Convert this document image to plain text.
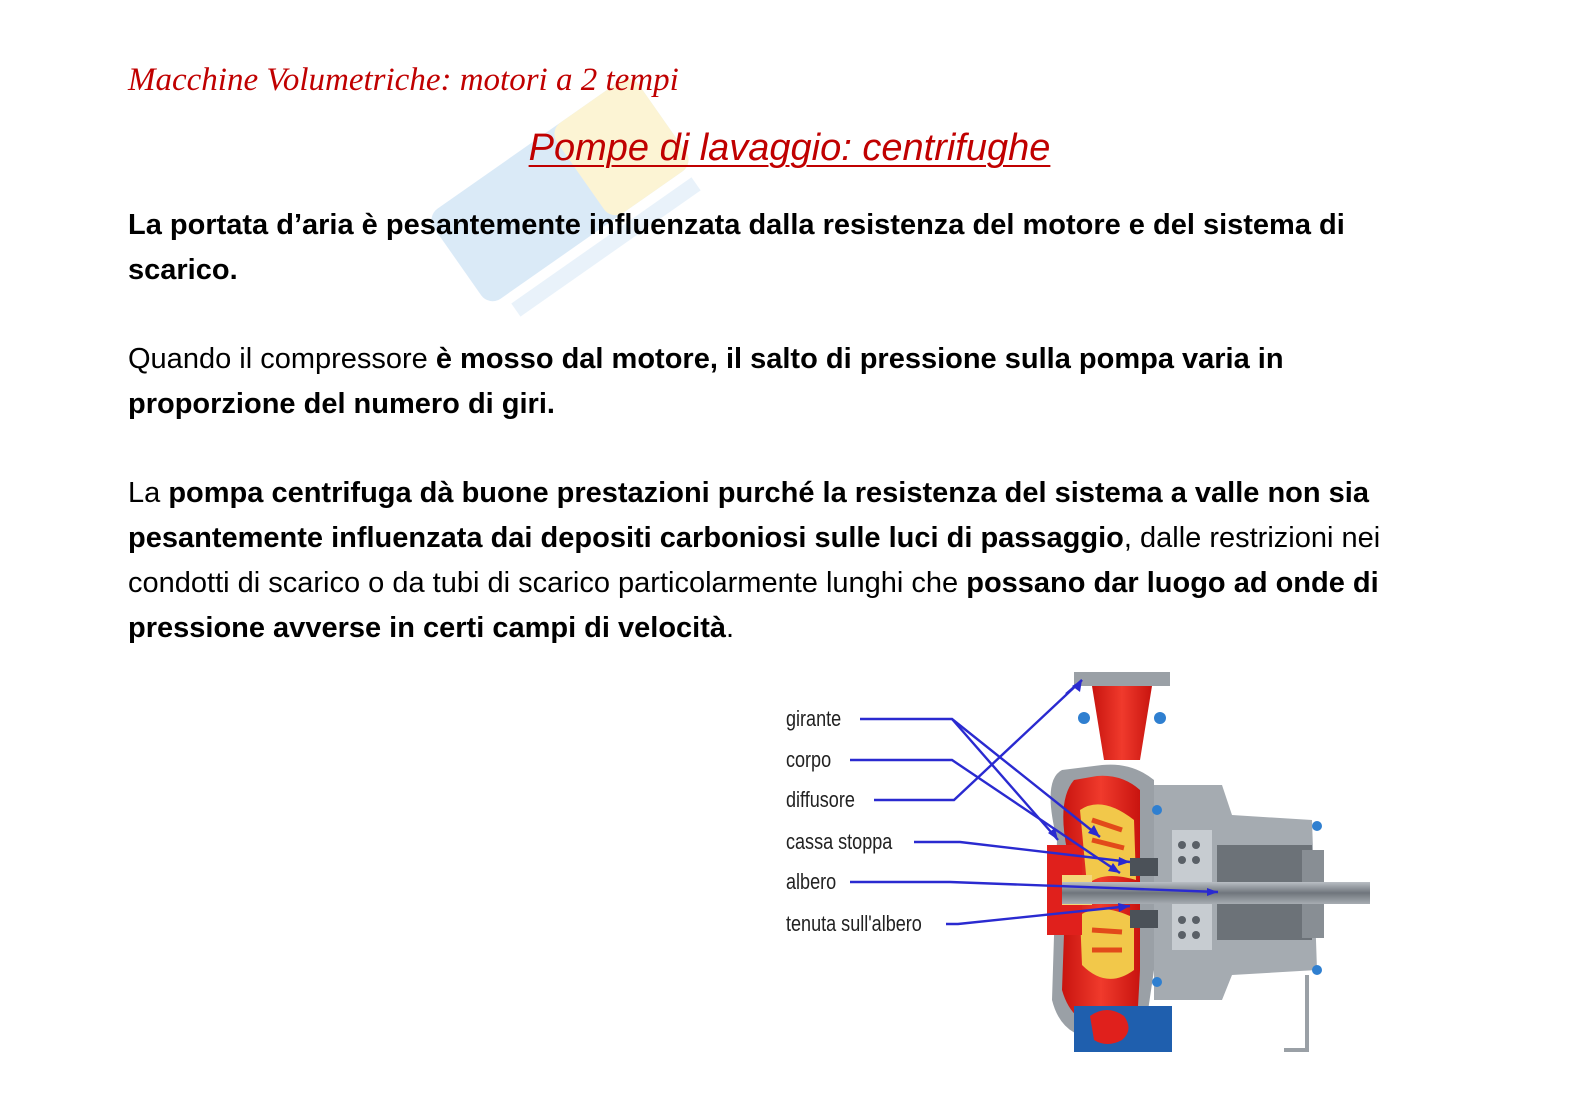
Macchine Volumetriche: motori a 2 tempi
Pompe di lavaggio: centrifughe

La portata d’aria è pesantemente influenzata dalla resistenza del motore e del sistema di scarico.

Quando il compressore è mosso dal motore, il salto di pressione sulla pompa varia in proporzione del numero di giri.

La pompa centrifuga dà buone prestazioni purché la resistenza del sistema a valle non sia pesantemente influenzata dai depositi carboniosi sulle luci di passaggio, dalle restrizioni nei condotti di scarico o da tubi di scarico particolarmente lunghi che possano dar luogo ad onde di pressione avverse in certi campi di velocità.

girante
corpo
diffusore
cassa stoppa
albero
tenuta sull'albero
